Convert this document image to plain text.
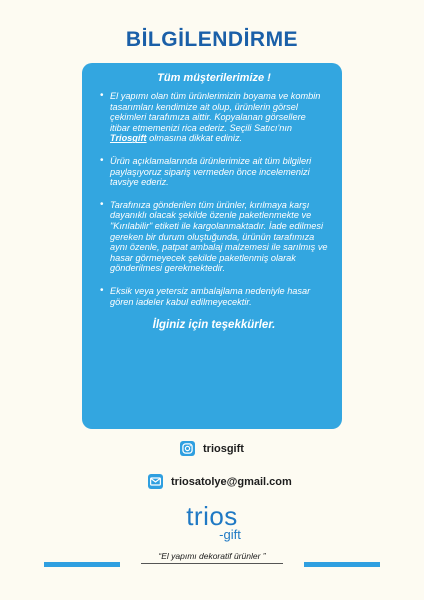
BİLGİLENDİRME
Tüm müşterilerimize !
• El yapımı olan tüm ürünlerimizin boyama ve kombin tasarımları kendimize ait olup, ürünlerin görsel çekimleri tarafımıza aittir. Kopyalanan görsellere itibar etmemenizi rica ederiz. Seçili Satıcı'nın Triosgift olmasına dikkat ediniz.
• Ürün açıklamalarında ürünlerimize ait tüm bilgileri paylaşıyoruz sipariş vermeden önce incelemenizi tavsiye ederiz.
• Tarafınıza gönderilen tüm ürünler, kırılmaya karşı dayanıklı olacak şekilde özenle paketlenmekte ve "Kırılabilir" etiketi ile kargolanmaktadır. İade edilmesi gereken bir durum oluştuğunda, ürünün tarafımıza aynı özenle, patpat ambalaj malzemesi ile sarılmış ve hasar görmeyecek şekilde paketlenmiş olarak gönderilmesi gerekmektedir.
• Eksik veya yetersiz ambalajlama nedeniyle hasar gören iadeler kabul edilmeyecektir.
İlginiz için teşekkürler.
triosgift
triosatolye@gmail.com
trios
-gift
“El yapımı dekoratif ürünler ”
